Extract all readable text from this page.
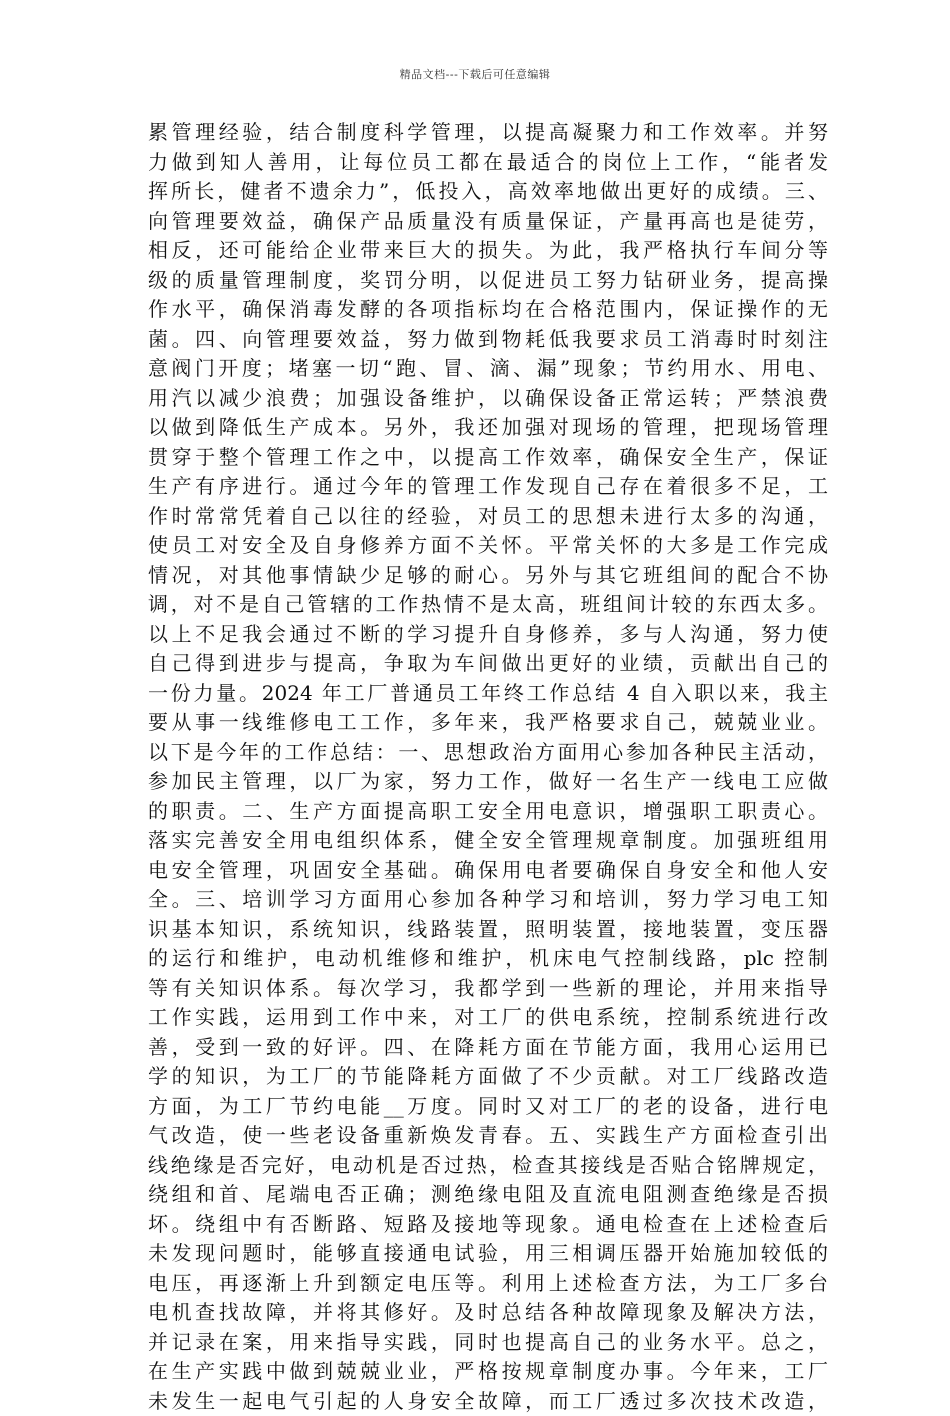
精品文档---下载后可任意编辑
累管理经验，结合制度科学管理，以提高凝聚力和工作效率。并努
力做到知人善用，让每位员工都在最适合的岗位上工作，“能者发
挥所长，健者不遗余力”，低投入，高效率地做出更好的成绩。三、
向管理要效益，确保产品质量没有质量保证，产量再高也是徒劳，
相反，还可能给企业带来巨大的损失。为此，我严格执行车间分等
级的质量管理制度，奖罚分明，以促进员工努力钻研业务，提高操
作水平，确保消毒发酵的各项指标均在合格范围内，保证操作的无
菌。四、向管理要效益，努力做到物耗低我要求员工消毒时时刻注
意阀门开度；堵塞一切“跑、冒、滴、漏”现象；节约用水、用电、
用汽以减少浪费；加强设备维护，以确保设备正常运转；严禁浪费
以做到降低生产成本。另外，我还加强对现场的管理，把现场管理
贯穿于整个管理工作之中，以提高工作效率，确保安全生产，保证
生产有序进行。通过今年的管理工作发现自己存在着很多不足，工
作时常常凭着自己以往的经验，对员工的思想未进行太多的沟通，
使员工对安全及自身修养方面不关怀。平常关怀的大多是工作完成
情况，对其他事情缺少足够的耐心。另外与其它班组间的配合不协
调，对不是自己管辖的工作热情不是太高，班组间计较的东西太多。
以上不足我会通过不断的学习提升自身修养，多与人沟通，努力使
自己得到进步与提高，争取为车间做出更好的业绩，贡献出自己的
一份力量。2024 年工厂普通员工年终工作总结 4 自入职以来，我主
要从事一线维修电工工作，多年来，我严格要求自己，兢兢业业。
以下是今年的工作总结：一、思想政治方面用心参加各种民主活动，
参加民主管理，以厂为家，努力工作，做好一名生产一线电工应做
的职责。二、生产方面提高职工安全用电意识，增强职工职责心。
落实完善安全用电组织体系，健全安全管理规章制度。加强班组用
电安全管理，巩固安全基础。确保用电者要确保自身安全和他人安
全。三、培训学习方面用心参加各种学习和培训，努力学习电工知
识基本知识，系统知识，线路装置，照明装置，接地装置，变压器
的运行和维护，电动机维修和维护，机床电气控制线路，plc 控制
等有关知识体系。每次学习，我都学到一些新的理论，并用来指导
工作实践，运用到工作中来，对工厂的供电系统，控制系统进行改
善，受到一致的好评。四、在降耗方面在节能方面，我用心运用已
学的知识，为工厂的节能降耗方面做了不少贡献。对工厂线路改造
方面，为工厂节约电能__万度。同时又对工厂的老的设备，进行电
气改造，使一些老设备重新焕发青春。五、实践生产方面检查引出
线绝缘是否完好，电动机是否过热，检查其接线是否贴合铭牌规定，
绕组和首、尾端电否正确；测绝缘电阻及直流电阻测查绝缘是否损
坏。绕组中有否断路、短路及接地等现象。通电检查在上述检查后
未发现问题时，能够直接通电试验，用三相调压器开始施加较低的
电压，再逐渐上升到额定电压等。利用上述检查方法，为工厂多台
电机查找故障，并将其修好。及时总结各种故障现象及解决方法，
并记录在案，用来指导实践，同时也提高自己的业务水平。总之，
在生产实践中做到兢兢业业，严格按规章制度办事。今年来，工厂
未发生一起电气引起的人身安全故障，而工厂透过多次技术改造，
